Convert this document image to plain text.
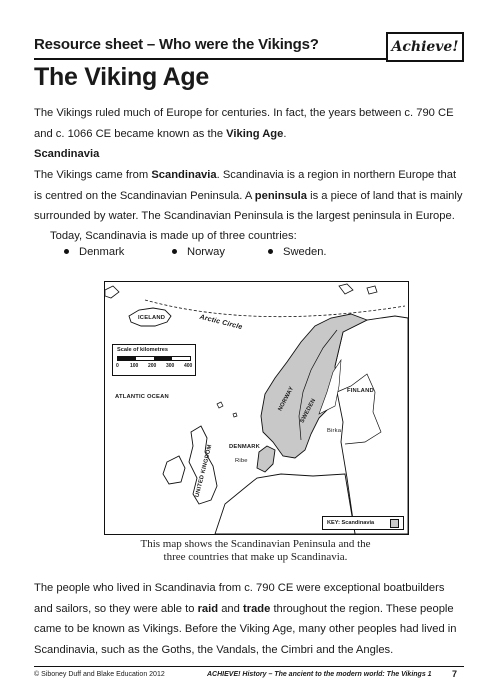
Resource sheet – Who were the Vikings?	Achieve!
The Viking Age
The Vikings ruled much of Europe for centuries. In fact, the years between c. 790 CE and c. 1066 CE became known as the Viking Age.
Scandinavia
The Vikings came from Scandinavia. Scandinavia is a region in northern Europe that is centred on the Scandinavian Peninsula. A peninsula is a piece of land that is mainly surrounded by water. The Scandinavian Peninsula is the largest peninsula in Europe.
Today, Scandinavia is made up of three countries:
Denmark	Norway	Sweden.
ICELAND	Arctic Circle
ATLANTIC OCEAN	NORWAY SWEDEN
FINLAND
Birka
DENMARK
Ribe
UNITED KINGDOM
Scale of kilometres
0 100 200 300 400
KEY: Scandinavia
This map shows the Scandinavian Peninsula and the
three countries that make up Scandinavia.
The people who lived in Scandinavia from c. 790 CE were exceptional boatbuilders and sailors, so they were able to raid and trade throughout the region. These people came to be known as Vikings. Before the Viking Age, many other peoples had lived in Scandinavia, such as the Goths, the Vandals, the Cimbri and the Angles.
© Siboney Duff and Blake Education 2012	ACHIEVE! History – The ancient to the modern world: The Vikings 1 7
